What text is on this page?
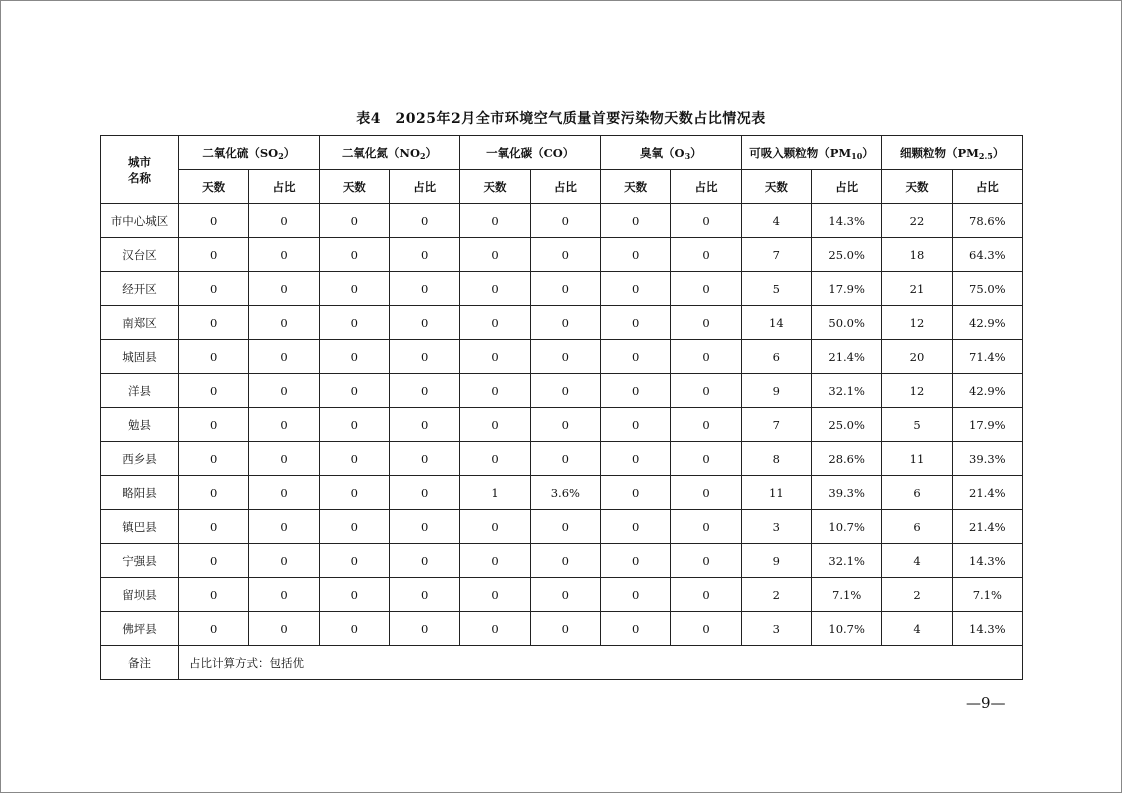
表4　2025年2月全市环境空气质量首要污染物天数占比情况表
城市
名称	二氧化硫$(SO_2)$		二氧化氮$(NO_2)$		一氧化碳（CO）		臭氧$(O_3)$		可吸入颗粒物$(PM_{10})$		细颗粒物$(PM_{2.5})$	
	天数	占比	天数	占比	天数	占比	天数	占比	天数	占比	天数	占比
市中心城区	0	0	0	0	0	0	0	0	4	14.3%	22	78.6%
汉台区	0	0	0	0	0	0	0	0	7	25.0%	18	64.3%
经开区	0	0	0	0	0	0	0	0	5	17.9%	21	75.0%
南郑区	0	0	0	0	0	0	0	0	14	50.0%	12	42.9%
城固县	0	0	0	0	0	0	0	0	6	21.4%	20	71.4%
洋县	0	0	0	0	0	0	0	0	9	32.1%	12	42.9%
勉县	0	0	0	0	0	0	0	0	7	25.0%	5	17.9%
西乡县	0	0	0	0	0	0	0	0	8	28.6%	11	39.3%
略阳县	0	0	0	0	1	3.6%	0	0	11	39.3%	6	21.4%
镇巴县	0	0	0	0	0	0	0	0	3	10.7%	6	21.4%
宁强县	0	0	0	0	0	0	0	0	9	32.1%	4	14.3%
留坝县	0	0	0	0	0	0	0	0	2	7.1%	2	7.1%
佛坪县	0	0	0	0	0	0	0	0	3	10.7%	4	14.3%
备注	占比计算方式：包括优											
—9—
